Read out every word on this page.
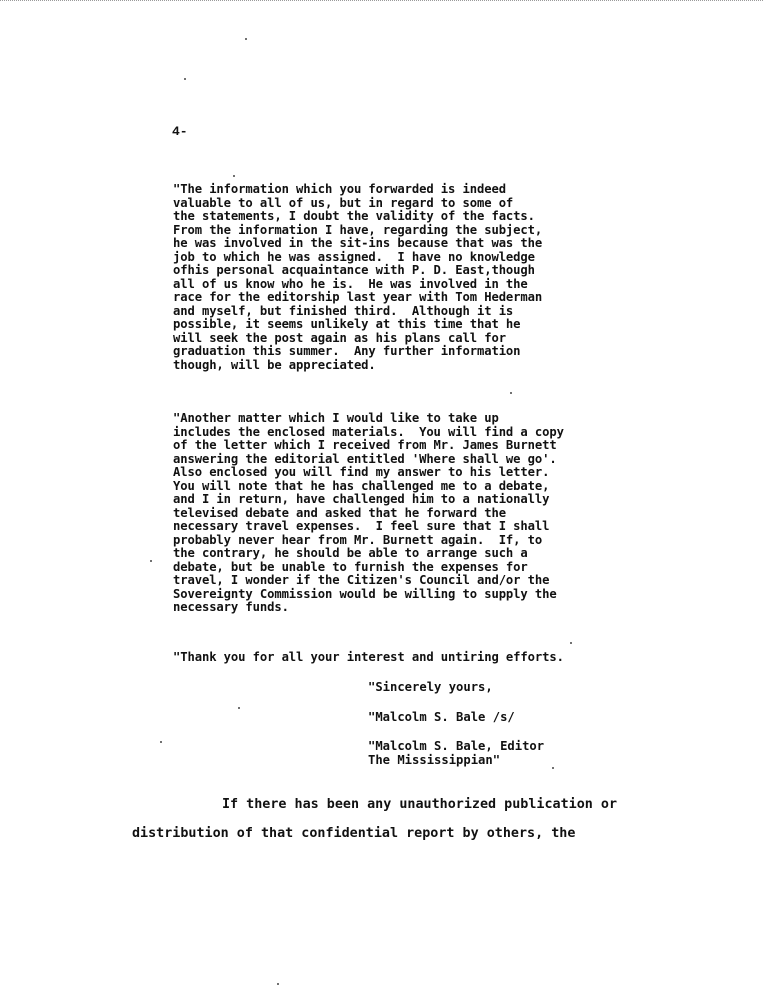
4-
"The information which you forwarded is indeed
valuable to all of us, but in regard to some of
the statements, I doubt the validity of the facts.
From the information I have, regarding the subject,
he was involved in the sit-ins because that was the
job to which he was assigned.  I have no knowledge
ofhis personal acquaintance with P. D. East,though
all of us know who he is.  He was involved in the
race for the editorship last year with Tom Hederman
and myself, but finished third.  Although it is
possible, it seems unlikely at this time that he
will seek the post again as his plans call for
graduation this summer.  Any further information
though, will be appreciated.
"Another matter which I would like to take up
includes the enclosed materials.  You will find a copy
of the letter which I received from Mr. James Burnett
answering the editorial entitled 'Where shall we go'.
Also enclosed you will find my answer to his letter.
You will note that he has challenged me to a debate,
and I in return, have challenged him to a nationally
televised debate and asked that he forward the
necessary travel expenses.  I feel sure that I shall
probably never hear from Mr. Burnett again.  If, to
the contrary, he should be able to arrange such a
debate, but be unable to furnish the expenses for
travel, I wonder if the Citizen's Council and/or the
Sovereignty Commission would be willing to supply the
necessary funds.
"Thank you for all your interest and untiring efforts.
"Sincerely yours,
"Malcolm S. Bale /s/
"Malcolm S. Bale, Editor
The Mississippian"
If there has been any unauthorized publication or
distribution of that confidential report by others, the
